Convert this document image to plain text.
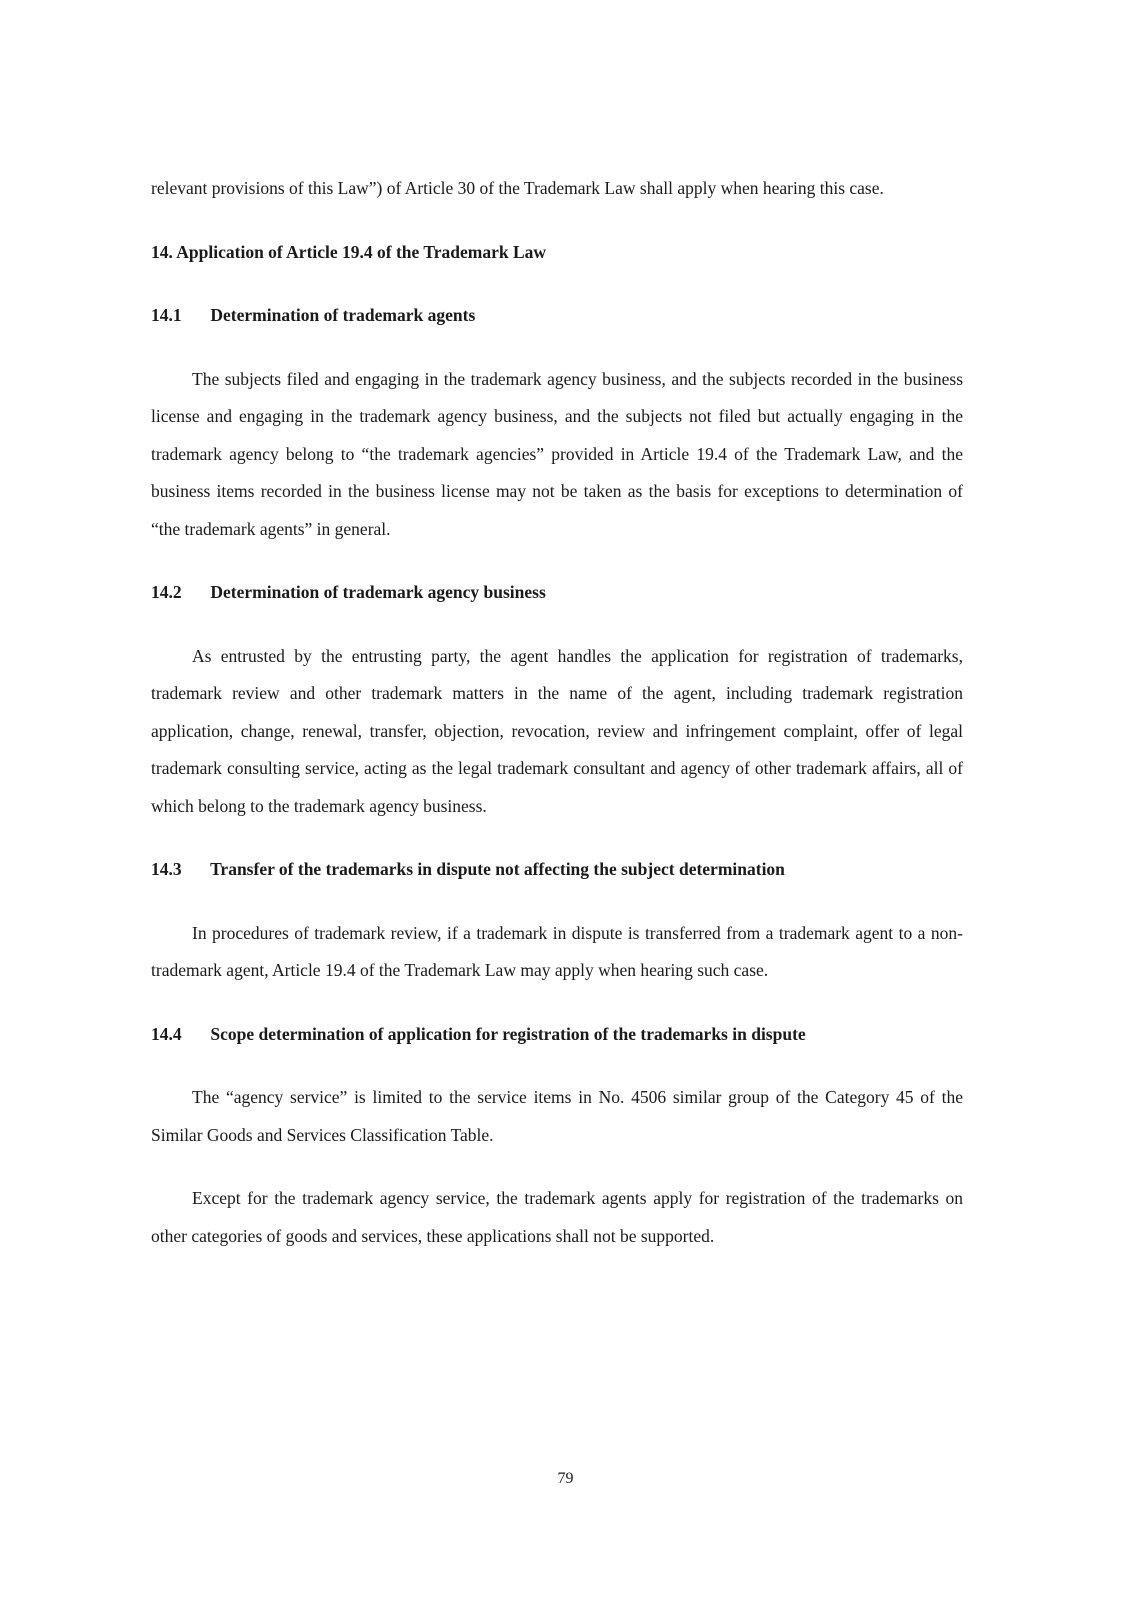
relevant provisions of this Law”) of Article 30 of the Trademark Law shall apply when hearing this case.

14. Application of Article 19.4 of the Trademark Law

14.1 Determination of trademark agents

The subjects filed and engaging in the trademark agency business, and the subjects recorded in the business license and engaging in the trademark agency business, and the subjects not filed but actually engaging in the trademark agency belong to “the trademark agencies” provided in Article 19.4 of the Trademark Law, and the business items recorded in the business license may not be taken as the basis for exceptions to determination of “the trademark agents” in general.

14.2 Determination of trademark agency business

As entrusted by the entrusting party, the agent handles the application for registration of trademarks, trademark review and other trademark matters in the name of the agent, including trademark registration application, change, renewal, transfer, objection, revocation, review and infringement complaint, offer of legal trademark consulting service, acting as the legal trademark consultant and agency of other trademark affairs, all of which belong to the trademark agency business.

14.3 Transfer of the trademarks in dispute not affecting the subject determination

In procedures of trademark review, if a trademark in dispute is transferred from a trademark agent to a non-trademark agent, Article 19.4 of the Trademark Law may apply when hearing such case.

14.4 Scope determination of application for registration of the trademarks in dispute

The “agency service” is limited to the service items in No. 4506 similar group of the Category 45 of the Similar Goods and Services Classification Table.

Except for the trademark agency service, the trademark agents apply for registration of the trademarks on other categories of goods and services, these applications shall not be supported.

79
